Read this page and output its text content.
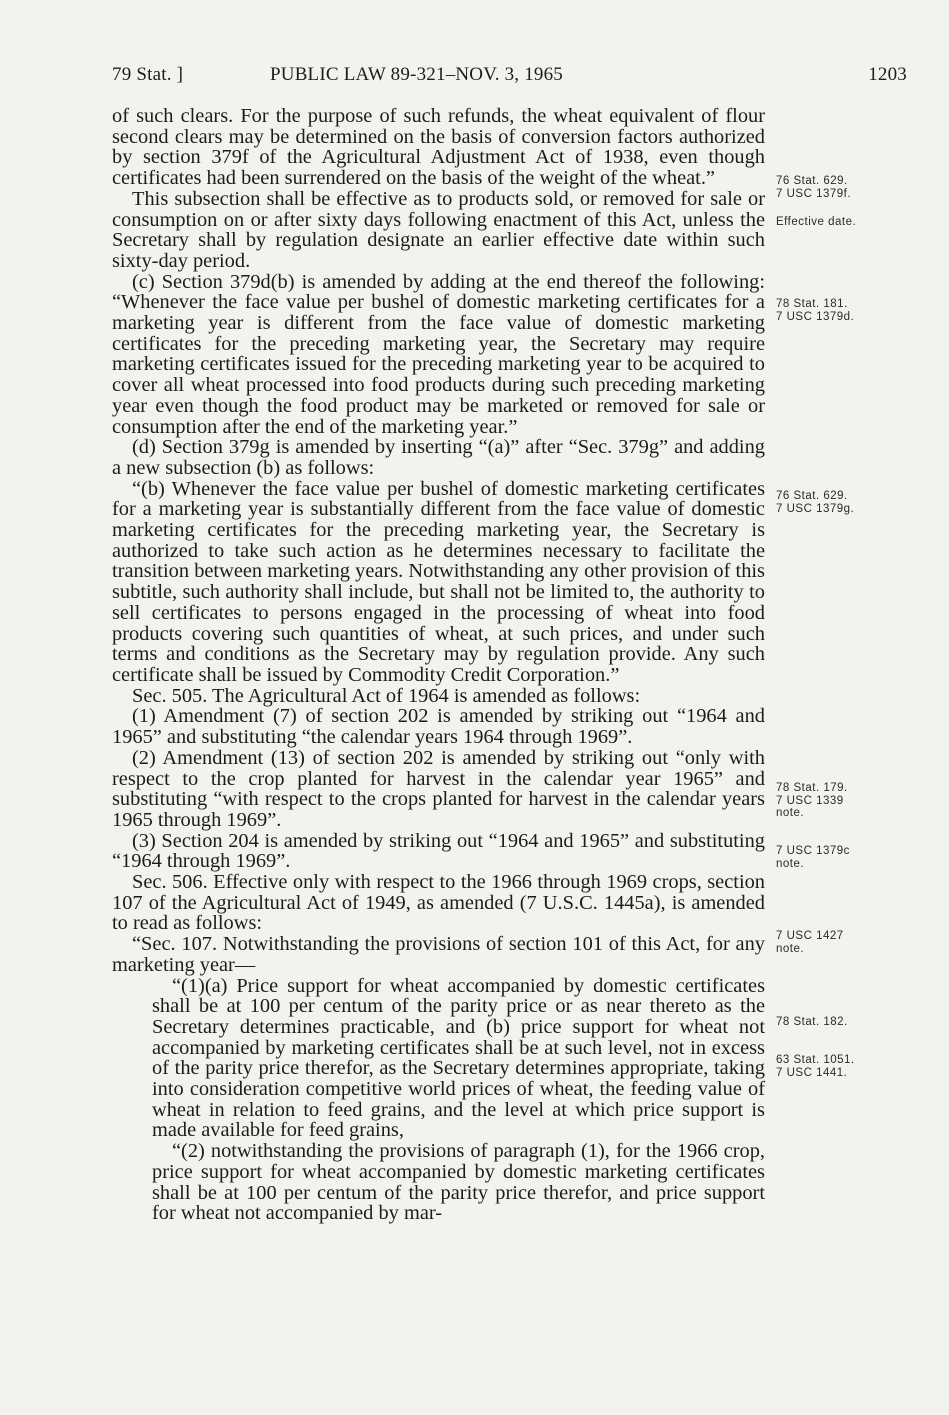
79 Stat. ]	PUBLIC LAW 89-321–NOV. 3, 1965	1203

of such clears. For the purpose of such refunds, the wheat equivalent of flour second clears may be determined on the basis of conversion factors authorized by section 379f of the Agricultural Adjustment Act of 1938, even though certificates had been surrendered on the basis of the weight of the wheat.”

This subsection shall be effective as to products sold, or removed for sale or consumption on or after sixty days following enactment of this Act, unless the Secretary shall by regulation designate an earlier effective date within such sixty-day period.

(c) Section 379d(b) is amended by adding at the end thereof the following: “Whenever the face value per bushel of domestic marketing certificates for a marketing year is different from the face value of domestic marketing certificates for the preceding marketing year, the Secretary may require marketing certificates issued for the preceding marketing year to be acquired to cover all wheat processed into food products during such preceding marketing year even though the food product may be marketed or removed for sale or consumption after the end of the marketing year.”

(d) Section 379g is amended by inserting “(a)” after “Sec. 379g” and adding a new subsection (b) as follows:

“(b) Whenever the face value per bushel of domestic marketing certificates for a marketing year is substantially different from the face value of domestic marketing certificates for the preceding marketing year, the Secretary is authorized to take such action as he determines necessary to facilitate the transition between marketing years. Notwithstanding any other provision of this subtitle, such authority shall include, but shall not be limited to, the authority to sell certificates to persons engaged in the processing of wheat into food products covering such quantities of wheat, at such prices, and under such terms and conditions as the Secretary may by regulation provide. Any such certificate shall be issued by Commodity Credit Corporation.”

Sec. 505. The Agricultural Act of 1964 is amended as follows:

(1) Amendment (7) of section 202 is amended by striking out “1964 and 1965” and substituting “the calendar years 1964 through 1969”.

(2) Amendment (13) of section 202 is amended by striking out “only with respect to the crop planted for harvest in the calendar year 1965” and substituting “with respect to the crops planted for harvest in the calendar years 1965 through 1969”.

(3) Section 204 is amended by striking out “1964 and 1965” and substituting “1964 through 1969”.

Sec. 506. Effective only with respect to the 1966 through 1969 crops, section 107 of the Agricultural Act of 1949, as amended (7 U.S.C. 1445a), is amended to read as follows:

“Sec. 107. Notwithstanding the provisions of section 101 of this Act, for any marketing year—

“(1)(a) Price support for wheat accompanied by domestic certificates shall be at 100 per centum of the parity price or as near thereto as the Secretary determines practicable, and (b) price support for wheat not accompanied by marketing certificates shall be at such level, not in excess of the parity price therefor, as the Secretary determines appropriate, taking into consideration competitive world prices of wheat, the feeding value of wheat in relation to feed grains, and the level at which price support is made available for feed grains,

“(2) notwithstanding the provisions of paragraph (1), for the 1966 crop, price support for wheat accompanied by domestic marketing certificates shall be at 100 per centum of the parity price therefor, and price support for wheat not accompanied by mar-

76 Stat. 629.
7 USC 1379f.
Effective date.
78 Stat. 181.
7 USC 1379d.
76 Stat. 629.
7 USC 1379g.
78 Stat. 179.
7 USC 1339
note.
7 USC 1379c
note.
7 USC 1427
note.
78 Stat. 182.
63 Stat. 1051.
7 USC 1441.
